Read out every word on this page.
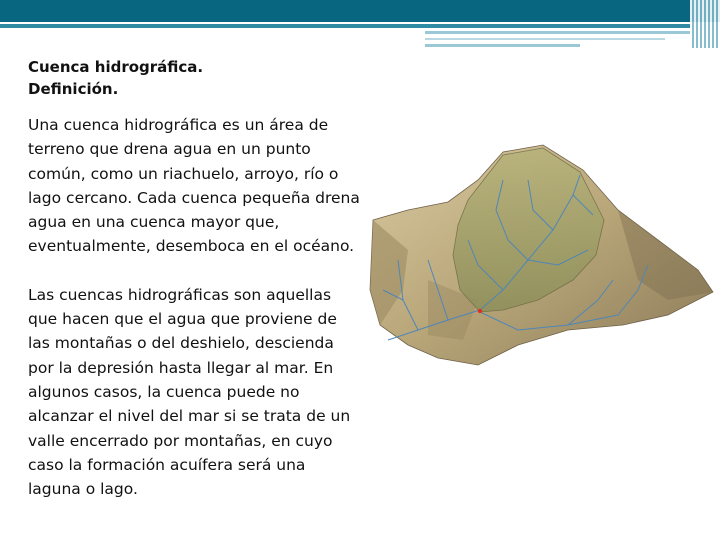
Cuenca hidrográfica.
Definición.

Una cuenca hidrográfica es un área de terreno que drena agua en un punto común, como un riachuelo, arroyo, río o lago cercano. Cada cuenca pequeña drena agua en una cuenca mayor que, eventualmente, desemboca en el océano.

Las cuencas hidrográficas son aquellas que hacen que el agua que proviene de las montañas o del deshielo, descienda por la depresión hasta llegar al mar. En algunos casos, la cuenca puede no alcanzar el nivel del mar si se trata de un valle encerrado por montañas, en cuyo caso la formación acuífera será una laguna o lago.
